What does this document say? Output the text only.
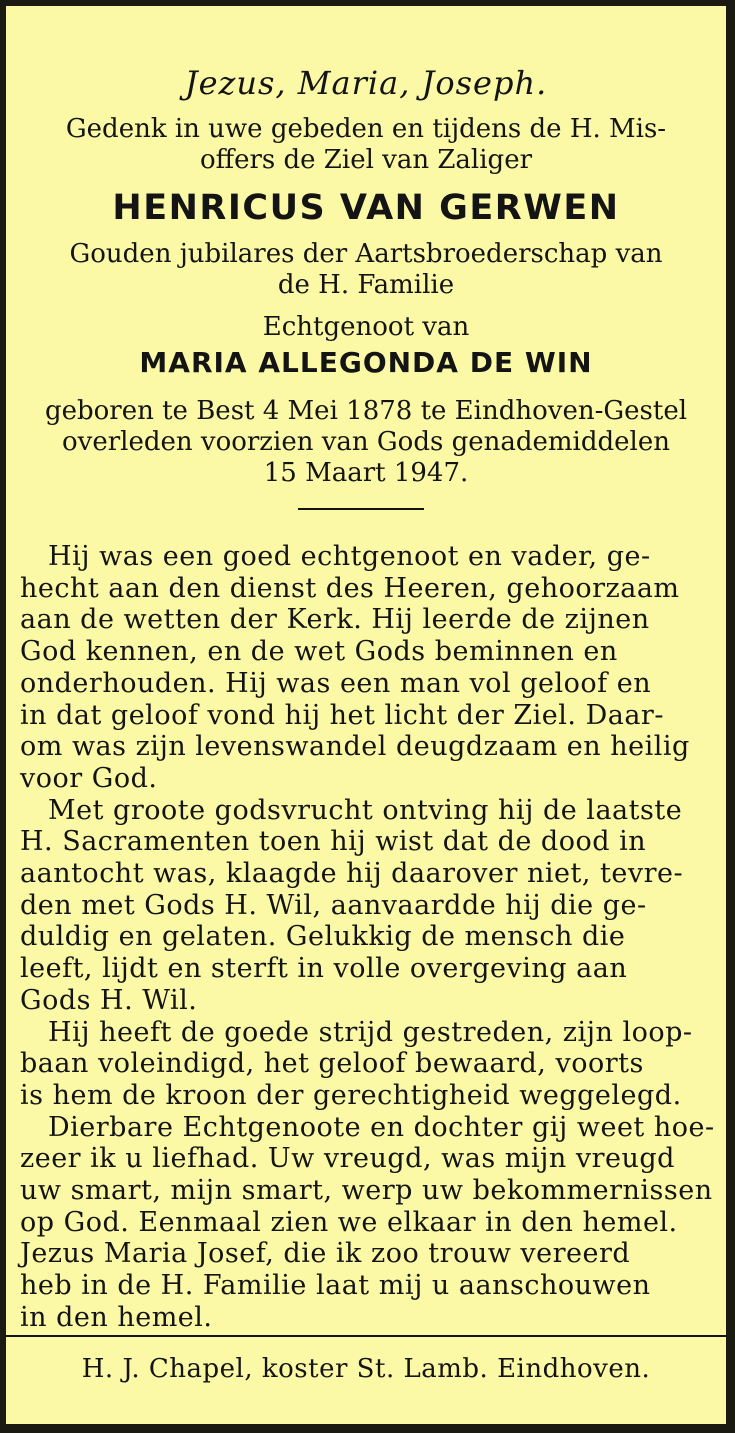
Jezus, Maria, Joseph.
Gedenk in uwe gebeden en tijdens de H. Mis-
offers de Ziel van Zaliger
HENRICUS VAN GERWEN
Gouden jubilares der Aartsbroederschap van
de H. Familie
Echtgenoot van
MARIA ALLEGONDA DE WIN
geboren te Best 4 Mei 1878 te Eindhoven-Gestel
overleden voorzien van Gods genademiddelen
15 Maart 1947.
Hij was een goed echtgenoot en vader, ge-
hecht aan den dienst des Heeren, gehoorzaam
aan de wetten der Kerk. Hij leerde de zijnen
God kennen, en de wet Gods beminnen en
onderhouden. Hij was een man vol geloof en
in dat geloof vond hij het licht der Ziel. Daar-
om was zijn levenswandel deugdzaam en heilig
voor God.
Met groote godsvrucht ontving hij de laatste
H. Sacramenten toen hij wist dat de dood in
aantocht was, klaagde hij daarover niet, tevre-
den met Gods H. Wil, aanvaardde hij die ge-
duldig en gelaten. Gelukkig de mensch die
leeft, lijdt en sterft in volle overgeving aan
Gods H. Wil.
Hij heeft de goede strijd gestreden, zijn loop-
baan voleindigd, het geloof bewaard, voorts
is hem de kroon der gerechtigheid weggelegd.
Dierbare Echtgenoote en dochter gij weet hoe-
zeer ik u liefhad. Uw vreugd, was mijn vreugd
uw smart, mijn smart, werp uw bekommernissen
op God. Eenmaal zien we elkaar in den hemel.
Jezus Maria Josef, die ik zoo trouw vereerd
heb in de H. Familie laat mij u aanschouwen
in den hemel.
H. J. Chapel, koster St. Lamb. Eindhoven.
